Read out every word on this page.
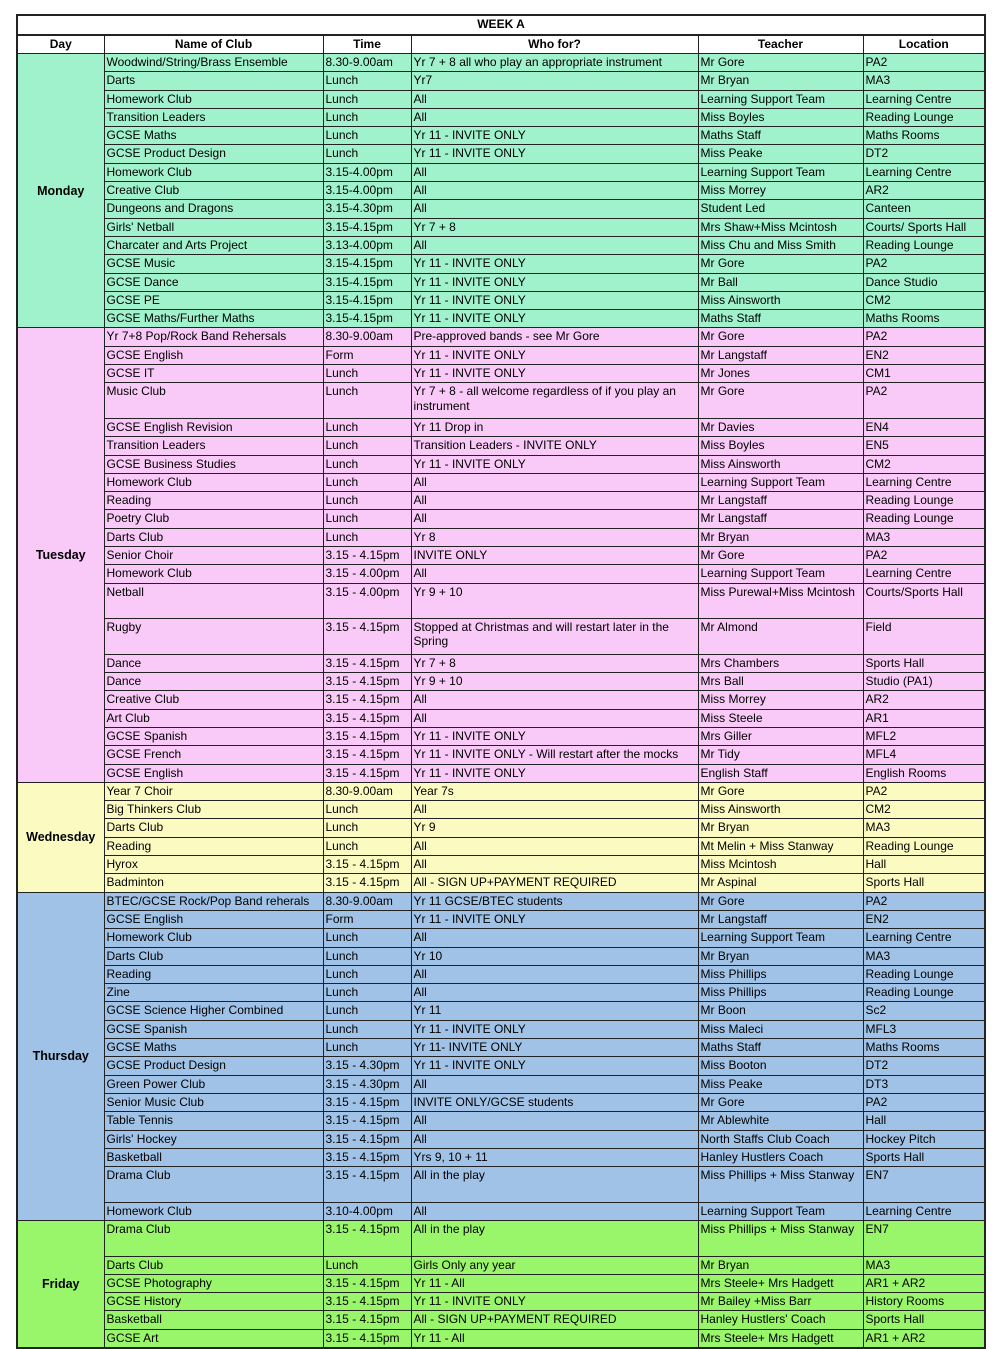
WEEK A					
Day	Name of Club	Time	Who for?	Teacher	Location
Monday	Woodwind/String/Brass Ensemble	8.30-9.00am	Yr 7 + 8 all who play an appropriate instrument	Mr Gore	PA2
	Darts	Lunch	Yr7	Mr Bryan	MA3
	Homework Club	Lunch	All	Learning Support Team	Learning Centre
	Transition Leaders	Lunch	All	Miss Boyles	Reading Lounge
	GCSE Maths	Lunch	Yr 11 - INVITE ONLY	Maths Staff	Maths Rooms
	GCSE Product Design	Lunch	Yr 11 - INVITE ONLY	Miss Peake	DT2
	Homework Club	3.15-4.00pm	All	Learning Support Team	Learning Centre
	Creative Club	3.15-4.00pm	All	Miss Morrey	AR2
	Dungeons and Dragons	3.15-4.30pm	All	Student Led	Canteen
	Girls' Netball	3.15-4.15pm	Yr 7 + 8	Mrs Shaw+Miss Mcintosh	Courts/ Sports Hall
	Charcater and Arts Project	3.13-4.00pm	All	Miss Chu and Miss Smith	Reading Lounge
	GCSE Music	3.15-4.15pm	Yr 11 - INVITE ONLY	Mr Gore	PA2
	GCSE Dance	3.15-4.15pm	Yr 11 - INVITE ONLY	Mr Ball	Dance Studio
	GCSE PE	3.15-4.15pm	Yr 11 - INVITE ONLY	Miss Ainsworth	CM2
	GCSE Maths/Further Maths	3.15-4.15pm	Yr 11 - INVITE ONLY	Maths Staff	Maths Rooms
Tuesday	Yr 7+8 Pop/Rock Band Rehersals	8.30-9.00am	Pre-approved bands - see Mr Gore	Mr Gore	PA2
	GCSE English	Form	Yr 11 - INVITE ONLY	Mr Langstaff	EN2
	GCSE IT	Lunch	Yr 11 - INVITE ONLY	Mr Jones	CM1
	Music Club	Lunch	Yr 7 + 8 - all welcome regardless of if you play an instrument	Mr Gore	PA2
	GCSE English Revision	Lunch	Yr 11 Drop in	Mr Davies	EN4
	Transition Leaders	Lunch	Transition Leaders - INVITE ONLY	Miss Boyles	EN5
	GCSE Business Studies	Lunch	Yr 11 - INVITE ONLY	Miss Ainsworth	CM2
	Homework Club	Lunch	All	Learning Support Team	Learning Centre
	Reading	Lunch	All	Mr Langstaff	Reading Lounge
	Poetry Club	Lunch	All	Mr Langstaff	Reading Lounge
	Darts Club	Lunch	Yr 8	Mr Bryan	MA3
	Senior Choir	3.15 - 4.15pm	INVITE ONLY	Mr Gore	PA2
	Homework Club	3.15 - 4.00pm	All	Learning Support Team	Learning Centre
	Netball	3.15 - 4.00pm	Yr 9 + 10	Miss Purewal+Miss Mcintosh	Courts/Sports Hall
	Rugby	3.15 - 4.15pm	Stopped at Christmas and will restart later in the Spring	Mr Almond	Field
	Dance	3.15 - 4.15pm	Yr 7 + 8	Mrs Chambers	Sports Hall
	Dance	3.15 - 4.15pm	Yr 9 + 10	Mrs Ball	Studio (PA1)
	Creative Club	3.15 - 4.15pm	All	Miss Morrey	AR2
	Art Club	3.15 - 4.15pm	All	Miss Steele	AR1
	GCSE Spanish	3.15 - 4.15pm	Yr 11 - INVITE ONLY	Mrs Giller	MFL2
	GCSE French	3.15 - 4.15pm	Yr 11 - INVITE ONLY - Will restart after the mocks	Mr Tidy	MFL4
	GCSE English	3.15 - 4.15pm	Yr 11 - INVITE ONLY	English Staff	English Rooms
Wednesday	Year 7 Choir	8.30-9.00am	Year 7s	Mr Gore	PA2
	Big Thinkers Club	Lunch	All	Miss Ainsworth	CM2
	Darts Club	Lunch	Yr 9	Mr Bryan	MA3
	Reading	Lunch	All	Mt Melin + Miss Stanway	Reading Lounge
	Hyrox	3.15 - 4.15pm	All	Miss Mcintosh	Hall
	Badminton	3.15 - 4.15pm	All - SIGN UP+PAYMENT REQUIRED	Mr Aspinal	Sports Hall
Thursday	BTEC/GCSE Rock/Pop Band reherals	8.30-9.00am	Yr 11 GCSE/BTEC students	Mr Gore	PA2
	GCSE English	Form	Yr 11 - INVITE ONLY	Mr Langstaff	EN2
	Homework Club	Lunch	All	Learning Support Team	Learning Centre
	Darts Club	Lunch	Yr 10	Mr Bryan	MA3
	Reading	Lunch	All	Miss Phillips	Reading Lounge
	Zine	Lunch	All	Miss Phillips	Reading Lounge
	GCSE Science Higher Combined	Lunch	Yr 11	Mr Boon	Sc2
	GCSE Spanish	Lunch	Yr 11 - INVITE ONLY	Miss Maleci	MFL3
	GCSE Maths	Lunch	Yr 11- INVITE ONLY	Maths Staff	Maths Rooms
	GCSE Product Design	3.15 - 4.30pm	Yr 11 - INVITE ONLY	Miss Booton	DT2
	Green Power Club	3.15 - 4.30pm	All	Miss Peake	DT3
	Senior Music Club	3.15 - 4.15pm	INVITE ONLY/GCSE students	Mr Gore	PA2
	Table Tennis	3.15 - 4.15pm	All	Mr Ablewhite	Hall
	Girls' Hockey	3.15 - 4.15pm	All	North Staffs Club Coach	Hockey Pitch
	Basketball	3.15 - 4.15pm	Yrs 9, 10 + 11	Hanley Hustlers Coach	Sports Hall
	Drama Club	3.15 - 4.15pm	All in the play	Miss Phillips + Miss Stanway	EN7
	Homework Club	3.10-4.00pm	All	Learning Support Team	Learning Centre
Friday	Drama Club	3.15 - 4.15pm	All in the play	Miss Phillips + Miss Stanway	EN7
	Darts Club	Lunch	Girls Only any year	Mr Bryan	MA3
	GCSE Photography	3.15 - 4.15pm	Yr 11 - All	Mrs Steele+ Mrs Hadgett	AR1 + AR2
	GCSE History	3.15 - 4.15pm	Yr 11 - INVITE ONLY	Mr Bailey +Miss Barr	History Rooms
	Basketball	3.15 - 4.15pm	All - SIGN UP+PAYMENT REQUIRED	Hanley Hustlers' Coach	Sports Hall
	GCSE Art	3.15 - 4.15pm	Yr 11 - All	Mrs Steele+ Mrs Hadgett	AR1 + AR2
